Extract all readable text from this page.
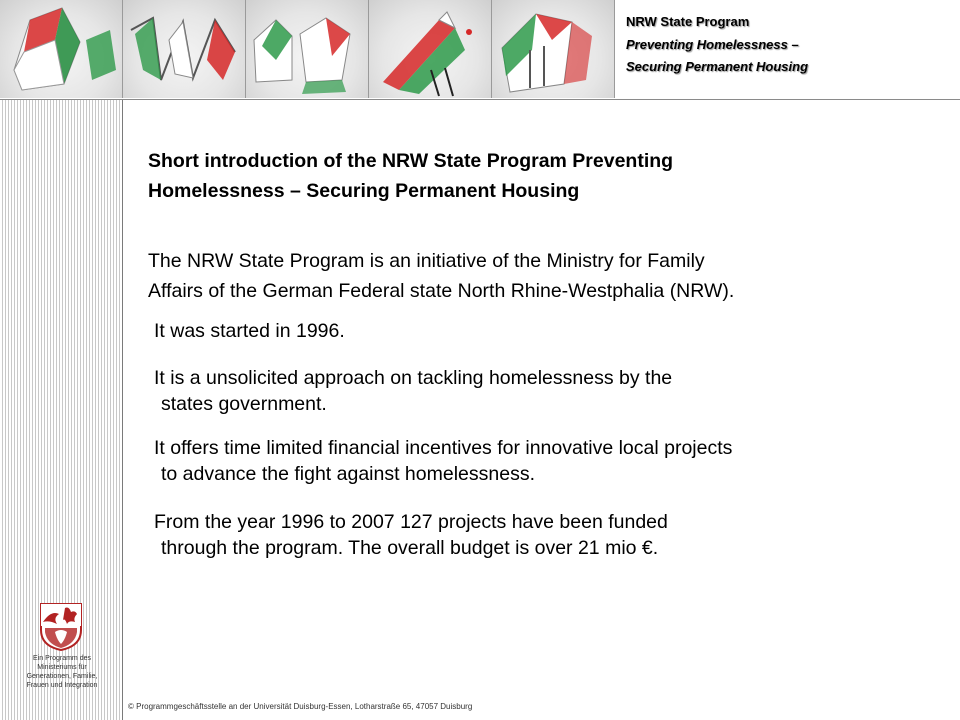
NRW State Program
Preventing Homelessness –
Securing Permanent Housing

Short introduction of the NRW State Program Preventing
Homelessness – Securing Permanent Housing

The NRW State Program is an initiative of the Ministry for Family
Affairs of the German Federal state North Rhine-Westphalia (NRW).

It was started in 1996.

It is a unsolicited approach on tackling homelessness by the
states government.

It offers time limited financial incentives for innovative local projects
to advance the fight against homelessness.

From the year 1996 to 2007 127 projects have been funded
through the program. The overall budget is over 21 mio €.

Ein Programm des
Ministeriums für
Generationen, Familie,
Frauen und Integration
© Programmgeschäftsstelle an der Universität Duisburg-Essen, Lotharstraße 65, 47057 Duisburg
